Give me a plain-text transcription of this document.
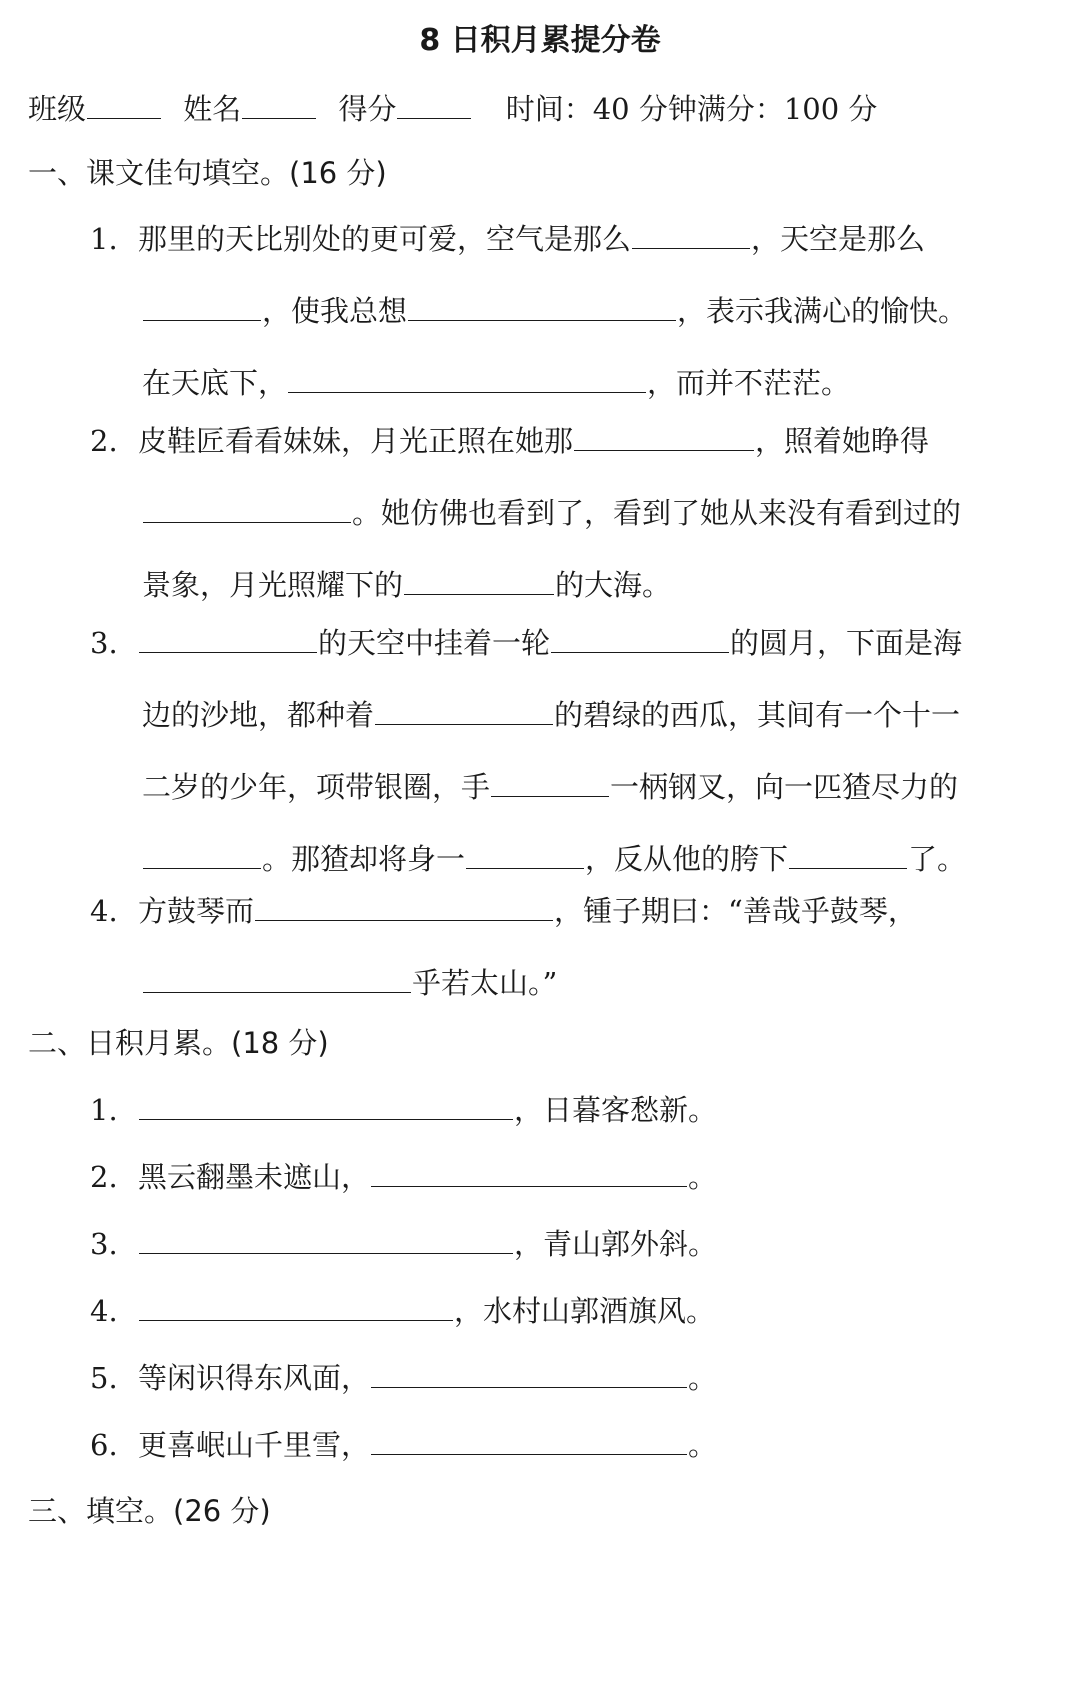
8 日积月累提分卷
班级	姓名	得分	时间：40 分钟满分：100 分
一、课文佳句填空。(16 分)
1. 那里的天比别处的更可爱，空气是那么	，天空是那么
，使我总想	，表示我满心的愉快。
在天底下，	，而并不茫茫。
2. 皮鞋匠看看妹妹，月光正照在她那	，照着她睁得
。她仿佛也看到了，看到了她从来没有看到过的
景象，月光照耀下的	的大海。
3.	的天空中挂着一轮	的圆月，下面是海
边的沙地，都种着	的碧绿的西瓜，其间有一个十一
二岁的少年，项带银圈，手	一柄钢叉，向一匹猹尽力的
。那猹却将身一	，反从他的胯下	了。
4. 方鼓琴而	，锺子期曰：“善哉乎鼓琴，
乎若太山。”
二、日积月累。(18 分)
1.	，日暮客愁新。
2. 黑云翻墨未遮山，	。
3.	，青山郭外斜。
4.	，水村山郭酒旗风。
5. 等闲识得东风面，	。
6. 更喜岷山千里雪，	。
三、填空。(26 分)
